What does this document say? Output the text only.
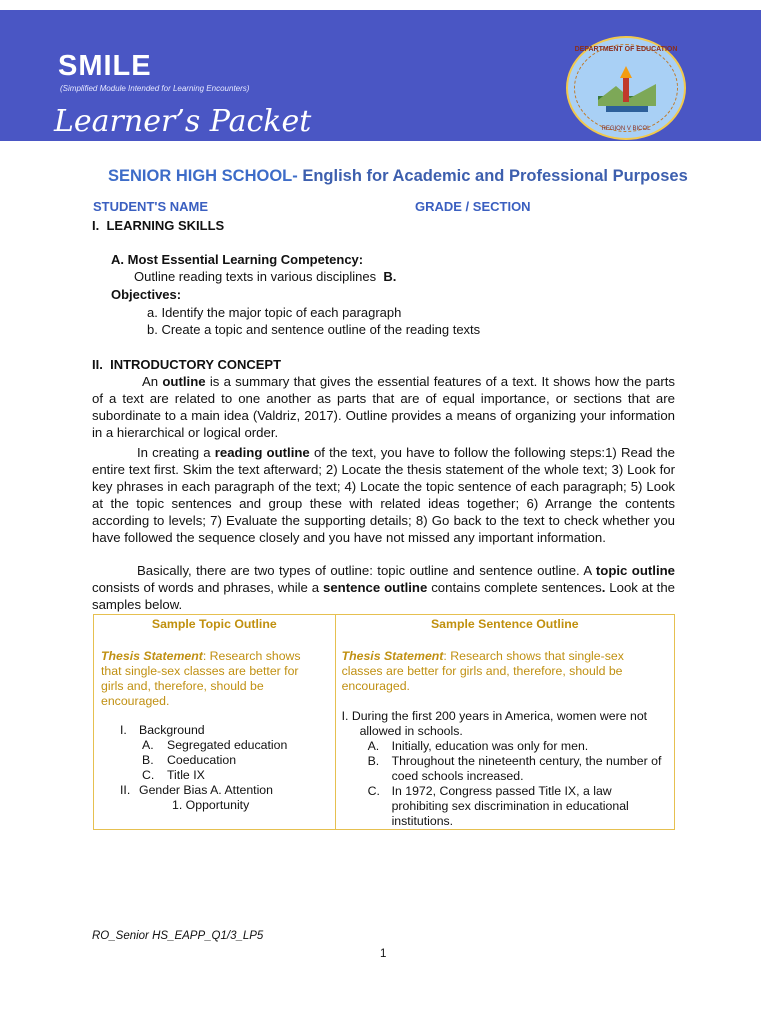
SMILE
(Simplified Module Intended for Learning Encounters)
Learner’s Packet
DEPARTMENT OF EDUCATION
REGION V BICOL
SENIOR HIGH SCHOOL- English for Academic and Professional Purposes
STUDENT'S NAME	GRADE / SECTION
I. LEARNING SKILLS
A. Most Essential Learning Competency:
Outline reading texts in various disciplines B.
Objectives:
a. Identify the major topic of each paragraph
b. Create a topic and sentence outline of the reading texts
II. INTRODUCTORY CONCEPT
An outline is a summary that gives the essential features of a text. It shows how the parts of a text are related to one another as parts that are of equal importance, or sections that are subordinate to a main idea (Valdriz, 2017). Outline provides a means of organizing your information in a hierarchical or logical order.
In creating a reading outline of the text, you have to follow the following steps:1) Read the entire text first. Skim the text afterward; 2) Locate the thesis statement of the whole text; 3) Look for key phrases in each paragraph of the text; 4) Locate the topic sentence of each paragraph; 5) Look at the topic sentences and group these with related ideas together; 6) Arrange the contents according to levels; 7) Evaluate the supporting details; 8) Go back to the text to check whether you have followed the sequence closely and you have not missed any important information.
Basically, there are two types of outline: topic outline and sentence outline. A topic outline consists of words and phrases, while a sentence outline contains complete sentences. Look at the samples below.
Sample Topic Outline
Thesis Statement: Research shows that single-sex classes are better for girls and, therefore, should be encouraged.
I. Background
A. Segregated education
B. Coeducation
C. Title IX
II. Gender Bias A. Attention
1. Opportunity

Sample Sentence Outline
Thesis Statement: Research shows that single-sex classes are better for girls and, therefore, should be encouraged.
I. During the first 200 years in America, women were not allowed in schools.
A. Initially, education was only for men.
B. Throughout the nineteenth century, the number of coed schools increased.
C. In 1972, Congress passed Title IX, a law prohibiting sex discrimination in educational institutions.
RO_Senior HS_EAPP_Q1/3_LP5
1
